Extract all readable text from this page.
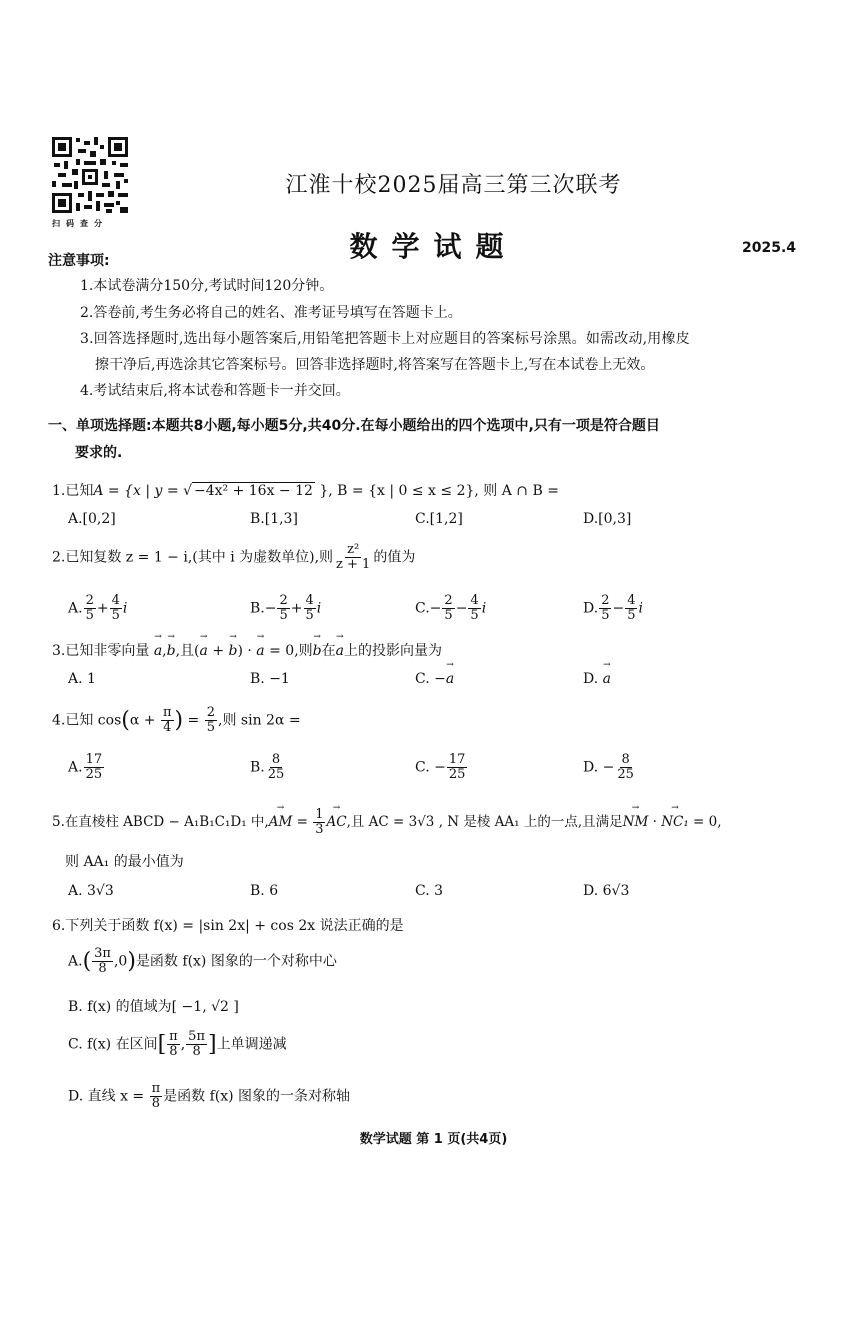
扫码查分
江淮十校2025届高三第三次联考
数学试题	2025.4
注意事项:
1.本试卷满分150分,考试时间120分钟。
2.答卷前,考生务必将自己的姓名、准考证号填写在答题卡上。
3.回答选择题时,选出每小题答案后,用铅笔把答题卡上对应题目的答案标号涂黑。如需改动,用橡皮
擦干净后,再选涂其它答案标号。回答非选择题时,将答案写在答题卡上,写在本试卷上无效。
4.考试结束后,将本试卷和答题卡一并交回。
一、单项选择题:本题共8小题,每小题5分,共40分.在每小题给出的四个选项中,只有一项是符合题目
要求的.
1.已知A = {x | y = √ −4x² + 16x − 12 }, B = {x | 0 ≤ x ≤ 2}, 则 A ∩ B =
A.[0,2]	B.[1,3]	C.[1,2]	D.[0,3]
2.已知复数 z = 1 − i,(其中 i 为虚数单位),则 $\frac{\text{z²}}{z + 1}$ 的值为
A. $\frac{2}{5} + \frac{4}{5}$ i	$B.- \frac{2}{5} + \frac{4}{5}$ i	$C.- \frac{2}{5} - \frac{4}{5}$ i	D. $\frac{2}{5} - \frac{4}{5}$ i
3.已知非零向量 → a,→ b,且(→ a + → b) · → a = 0,则→ b在→ a上的投影向量为
A. 1	B. −1	C. −→ a	D. → a
4.已知 $\cos(\alpha + \frac{\pi}{4}$ ) = $\frac{2}{5}$ ,则 sin 2α =
A. $\frac{17}{25}$	B. $\frac{8}{25}$	C. − $\frac{17}{25}$	D. − $\frac{8}{25}$
5.在直棱柱 ABCD − A₁B₁C₁D₁ 中,→ AM = $\frac{1}{3}$
→ AC,且 AC = 3√3 , N 是棱 AA₁ 上的一点,且满足→ NM · → NC₁ = 0,
则 AA₁ 的最小值为
A. 3√3	B. 6	C. 3	D. 6√3
6.下列关于函数 f(x) = |sin 2x| + cos 2x 说法正确的是
$A.( \frac{3\pi}{8} ,0)$是函数 f(x) 图象的一个对称中心
B. f(x) 的值域为[ −1, √2 ]
C. f(x) 在区间[ $\frac{\pi}{8}$ , $\frac{5\pi}{8}$ ]上单调递减
D. 直线 $x = \frac{\pi}{8}$ 是函数 f(x) 图象的一条对称轴
数学试题 第 1 页(共4页)
